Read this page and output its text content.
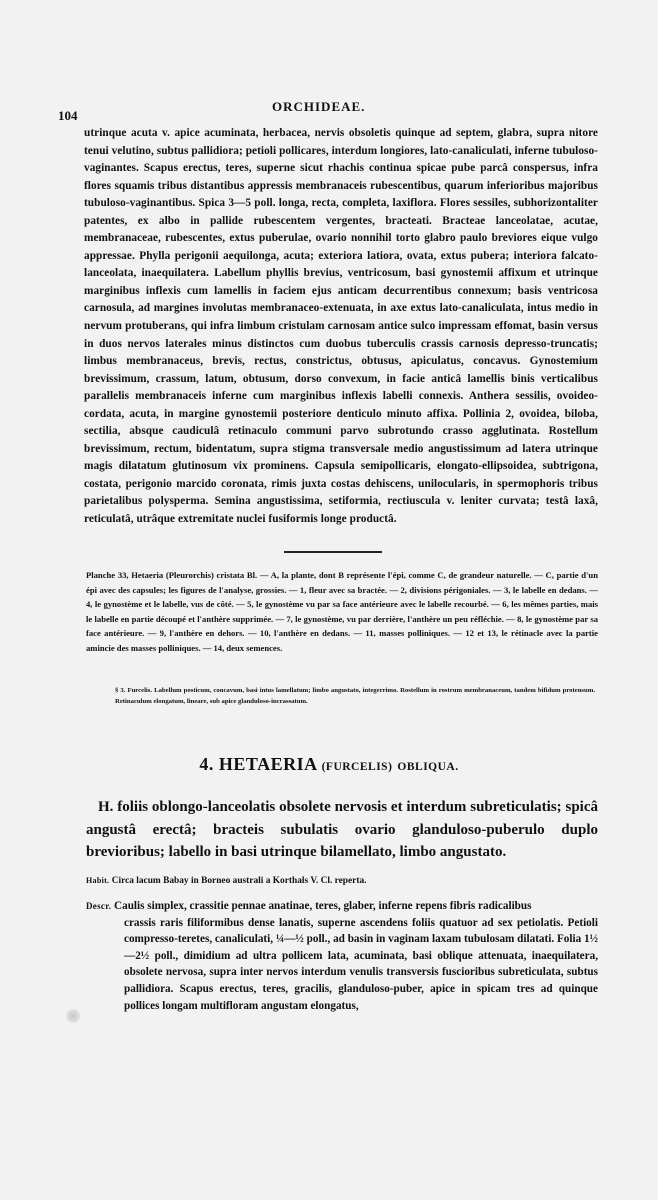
104
ORCHIDEAE.
utrinque acuta v. apice acuminata, herbacea, nervis obsoletis quinque ad septem, glabra, supra nitore tenui velutino, subtus pallidiora; petioli pollicares, interdum longiores, lato-canaliculati, inferne tubuloso-vaginantes. Scapus erectus, teres, superne sicut rhachis continua spicae pube parcâ conspersus, infra flores squamis tribus distantibus appressis membranaceis rubescentibus, quarum inferioribus majoribus tubuloso-vaginantibus. Spica 3—5 poll. longa, recta, completa, laxiflora. Flores sessiles, subhorizontaliter patentes, ex albo in pallide rubescentem vergentes, bracteati. Bracteae lanceolatae, acutae, membranaceae, rubescentes, extus puberulae, ovario nonnihil torto glabro paulo breviores eique vulgo appressae. Phylla perigonii aequilonga, acuta; exteriora latiora, ovata, extus pubera; interiora falcato-lanceolata, inaequilatera. Labellum phyllis brevius, ventricosum, basi gynostemii affixum et utrinque marginibus inflexis cum lamellis in faciem ejus anticam decurrentibus connexum; basis ventricosa carnosula, ad margines involutas membranaceo-extenuata, in axe extus lato-canaliculata, intus medio in nervum protuberans, qui infra limbum cristulam carnosam antice sulco impressam effomat, basin versus in duos nervos laterales minus distinctos cum duobus tuberculis crassis carnosis depresso-truncatis; limbus membranaceus, brevis, rectus, constrictus, obtusus, apiculatus, concavus. Gynostemium brevissimum, crassum, latum, obtusum, dorso convexum, in facie anticâ lamellis binis verticalibus parallelis membranaceis inferne cum marginibus inflexis labelli connexis. Anthera sessilis, ovoideo-cordata, acuta, in margine gynostemii posteriore denticulo minuto affixa. Pollinia 2, ovoidea, biloba, sectilia, absque caudiculâ retinaculo communi parvo subrotundo crasso agglutinata. Rostellum brevissimum, rectum, bidentatum, supra stigma transversale medio angustissimum ad latera utrinque magis dilatatum glutinosum vix prominens. Capsula semipollicaris, elongato-ellipsoidea, subtrigona, costata, perigonio marcido coronata, rimis juxta costas dehiscens, unilocularis, in spermophoris tribus parietalibus polysperma. Semina angustissima, setiformia, rectiuscula v. leniter curvata; testâ laxâ, reticulatâ, utrâque extremitate nuclei fusiformis longe productâ.
Planche 33, Hetaeria (Pleurorchis) cristata Bl. — A, la plante, dont B représente l'épi, comme C, de grandeur naturelle. — C, partie d'un épi avec des capsules; les figures de l'analyse, grossies. — 1, fleur avec sa bractée. — 2, divisions périgoniales. — 3, le labelle en dedans. — 4, le gynostème et le labelle, vus de côté. — 5, le gynostème vu par sa face antérieure avec le labelle recourbé. — 6, les mêmes parties, mais le labelle en partie découpé et l'anthère supprimée. — 7, le gynostème, vu par derrière, l'anthère un peu réfléchie. — 8, le gynostème par sa face antérieure. — 9, l'anthère en dehors. — 10, l'anthère en dedans. — 11, masses polliniques. — 12 et 13, le rétinacle avec la partie amincie des masses polliniques. — 14, deux semences.
§ 3. Furcelis. Labellum posticum, concavum, basi intus lamellatum; limbo angustato, integerrimo. Rostellum in rostrum membranaceum, tandem bifidum protensum. Retinaculum elongatum, lineare, sub apice glanduloso-incrassatum.
4. HETAERIA (FURCELIS) OBLIQUA.
H. foliis oblongo-lanceolatis obsolete nervosis et interdum subreticulatis; spicâ angustâ erectâ; bracteis subulatis ovario glanduloso-puberulo duplo brevioribus; labello in basi utrinque bilamellato, limbo angustato.
Habit. Circa lacum Babay in Borneo australi a Korthals V. Cl. reperta.
Descr. Caulis simplex, crassitie pennae anatinae, teres, glaber, inferne repens fibris radicalibus
crassis raris filiformibus dense lanatis, superne ascendens foliis quatuor ad sex petiolatis. Petioli compresso-teretes, canaliculati, ¼—½ poll., ad basin in vaginam laxam tubulosam dilatati. Folia 1½—2½ poll., dimidium ad ultra pollicem lata, acuminata, basi oblique attenuata, inaequilatera, obsolete nervosa, supra inter nervos interdum venulis transversis fuscioribus subreticulata, subtus pallidiora. Scapus erectus, teres, gracilis, glanduloso-puber, apice in spicam tres ad quinque pollices longam multifloram angustam elongatus,
